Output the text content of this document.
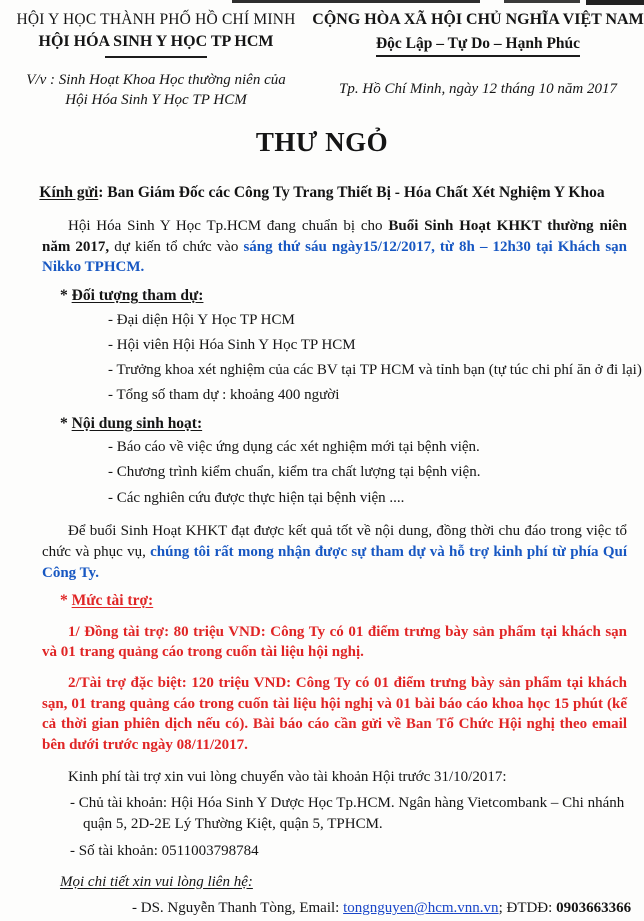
HỘI Y HỌC THÀNH PHỐ HỒ CHÍ MINH
HỘI HÓA SINH Y HỌC TP HCM
V/v : Sinh Hoạt Khoa Học thường niên của
Hội Hóa Sinh Y Học TP HCM
CỘNG HÒA XÃ HỘI CHỦ NGHĨA VIỆT NAM
Độc Lập – Tự Do – Hạnh Phúc
Tp. Hồ Chí Minh, ngày 12 tháng 10 năm 2017
THƯ NGỎ
Kính gửi: Ban Giám Đốc các Công Ty Trang Thiết Bị - Hóa Chất Xét Nghiệm Y Khoa
Hội Hóa Sinh Y Học Tp.HCM đang chuẩn bị cho Buổi Sinh Hoạt KHKT thường niên năm 2017, dự kiến tổ chức vào sáng thứ sáu ngày15/12/2017, từ 8h – 12h30 tại Khách sạn Nikko TPHCM.
* Đối tượng tham dự:
- Đại diện Hội Y Học TP HCM
- Hội viên Hội Hóa Sinh Y Học TP HCM
- Trưởng khoa xét nghiệm của các BV tại TP HCM và tỉnh bạn (tự túc chi phí ăn ở đi lại)
- Tổng số tham dự : khoảng 400 người
* Nội dung sinh hoạt:
- Báo cáo về việc ứng dụng các xét nghiệm mới tại bệnh viện.
- Chương trình kiểm chuẩn, kiểm tra chất lượng tại bệnh viện.
- Các nghiên cứu được thực hiện tại bệnh viện ....
Để buổi Sinh Hoạt KHKT đạt được kết quả tốt về nội dung, đồng thời chu đáo trong việc tổ chức và phục vụ, chúng tôi rất mong nhận được sự tham dự và hỗ trợ kinh phí từ phía Quí Công Ty.
* Mức tài trợ:
1/ Đồng tài trợ: 80 triệu VND: Công Ty có 01 điểm trưng bày sản phẩm tại khách sạn và 01 trang quảng cáo trong cuốn tài liệu hội nghị.
2/Tài trợ đặc biệt: 120 triệu VND: Công Ty có 01 điểm trưng bày sản phẩm tại khách sạn, 01 trang quảng cáo trong cuốn tài liệu hội nghị và 01 bài báo cáo khoa học 15 phút (kể cả thời gian phiên dịch nếu có). Bài báo cáo cần gửi về Ban Tổ Chức Hội nghị theo email bên dưới trước ngày 08/11/2017.
Kinh phí tài trợ xin vui lòng chuyển vào tài khoản Hội trước 31/10/2017:
- Chủ tài khoản: Hội Hóa Sinh Y Dược Học Tp.HCM. Ngân hàng Vietcombank – Chi nhánh quận 5, 2D-2E Lý Thường Kiệt, quận 5, TPHCM.
- Số tài khoản: 0511003798784
Mọi chi tiết xin vui lòng liên hệ:
- DS. Nguyễn Thanh Tòng, Email: tongnguyen@hcm.vnn.vn; ĐTDĐ: 0903663366
